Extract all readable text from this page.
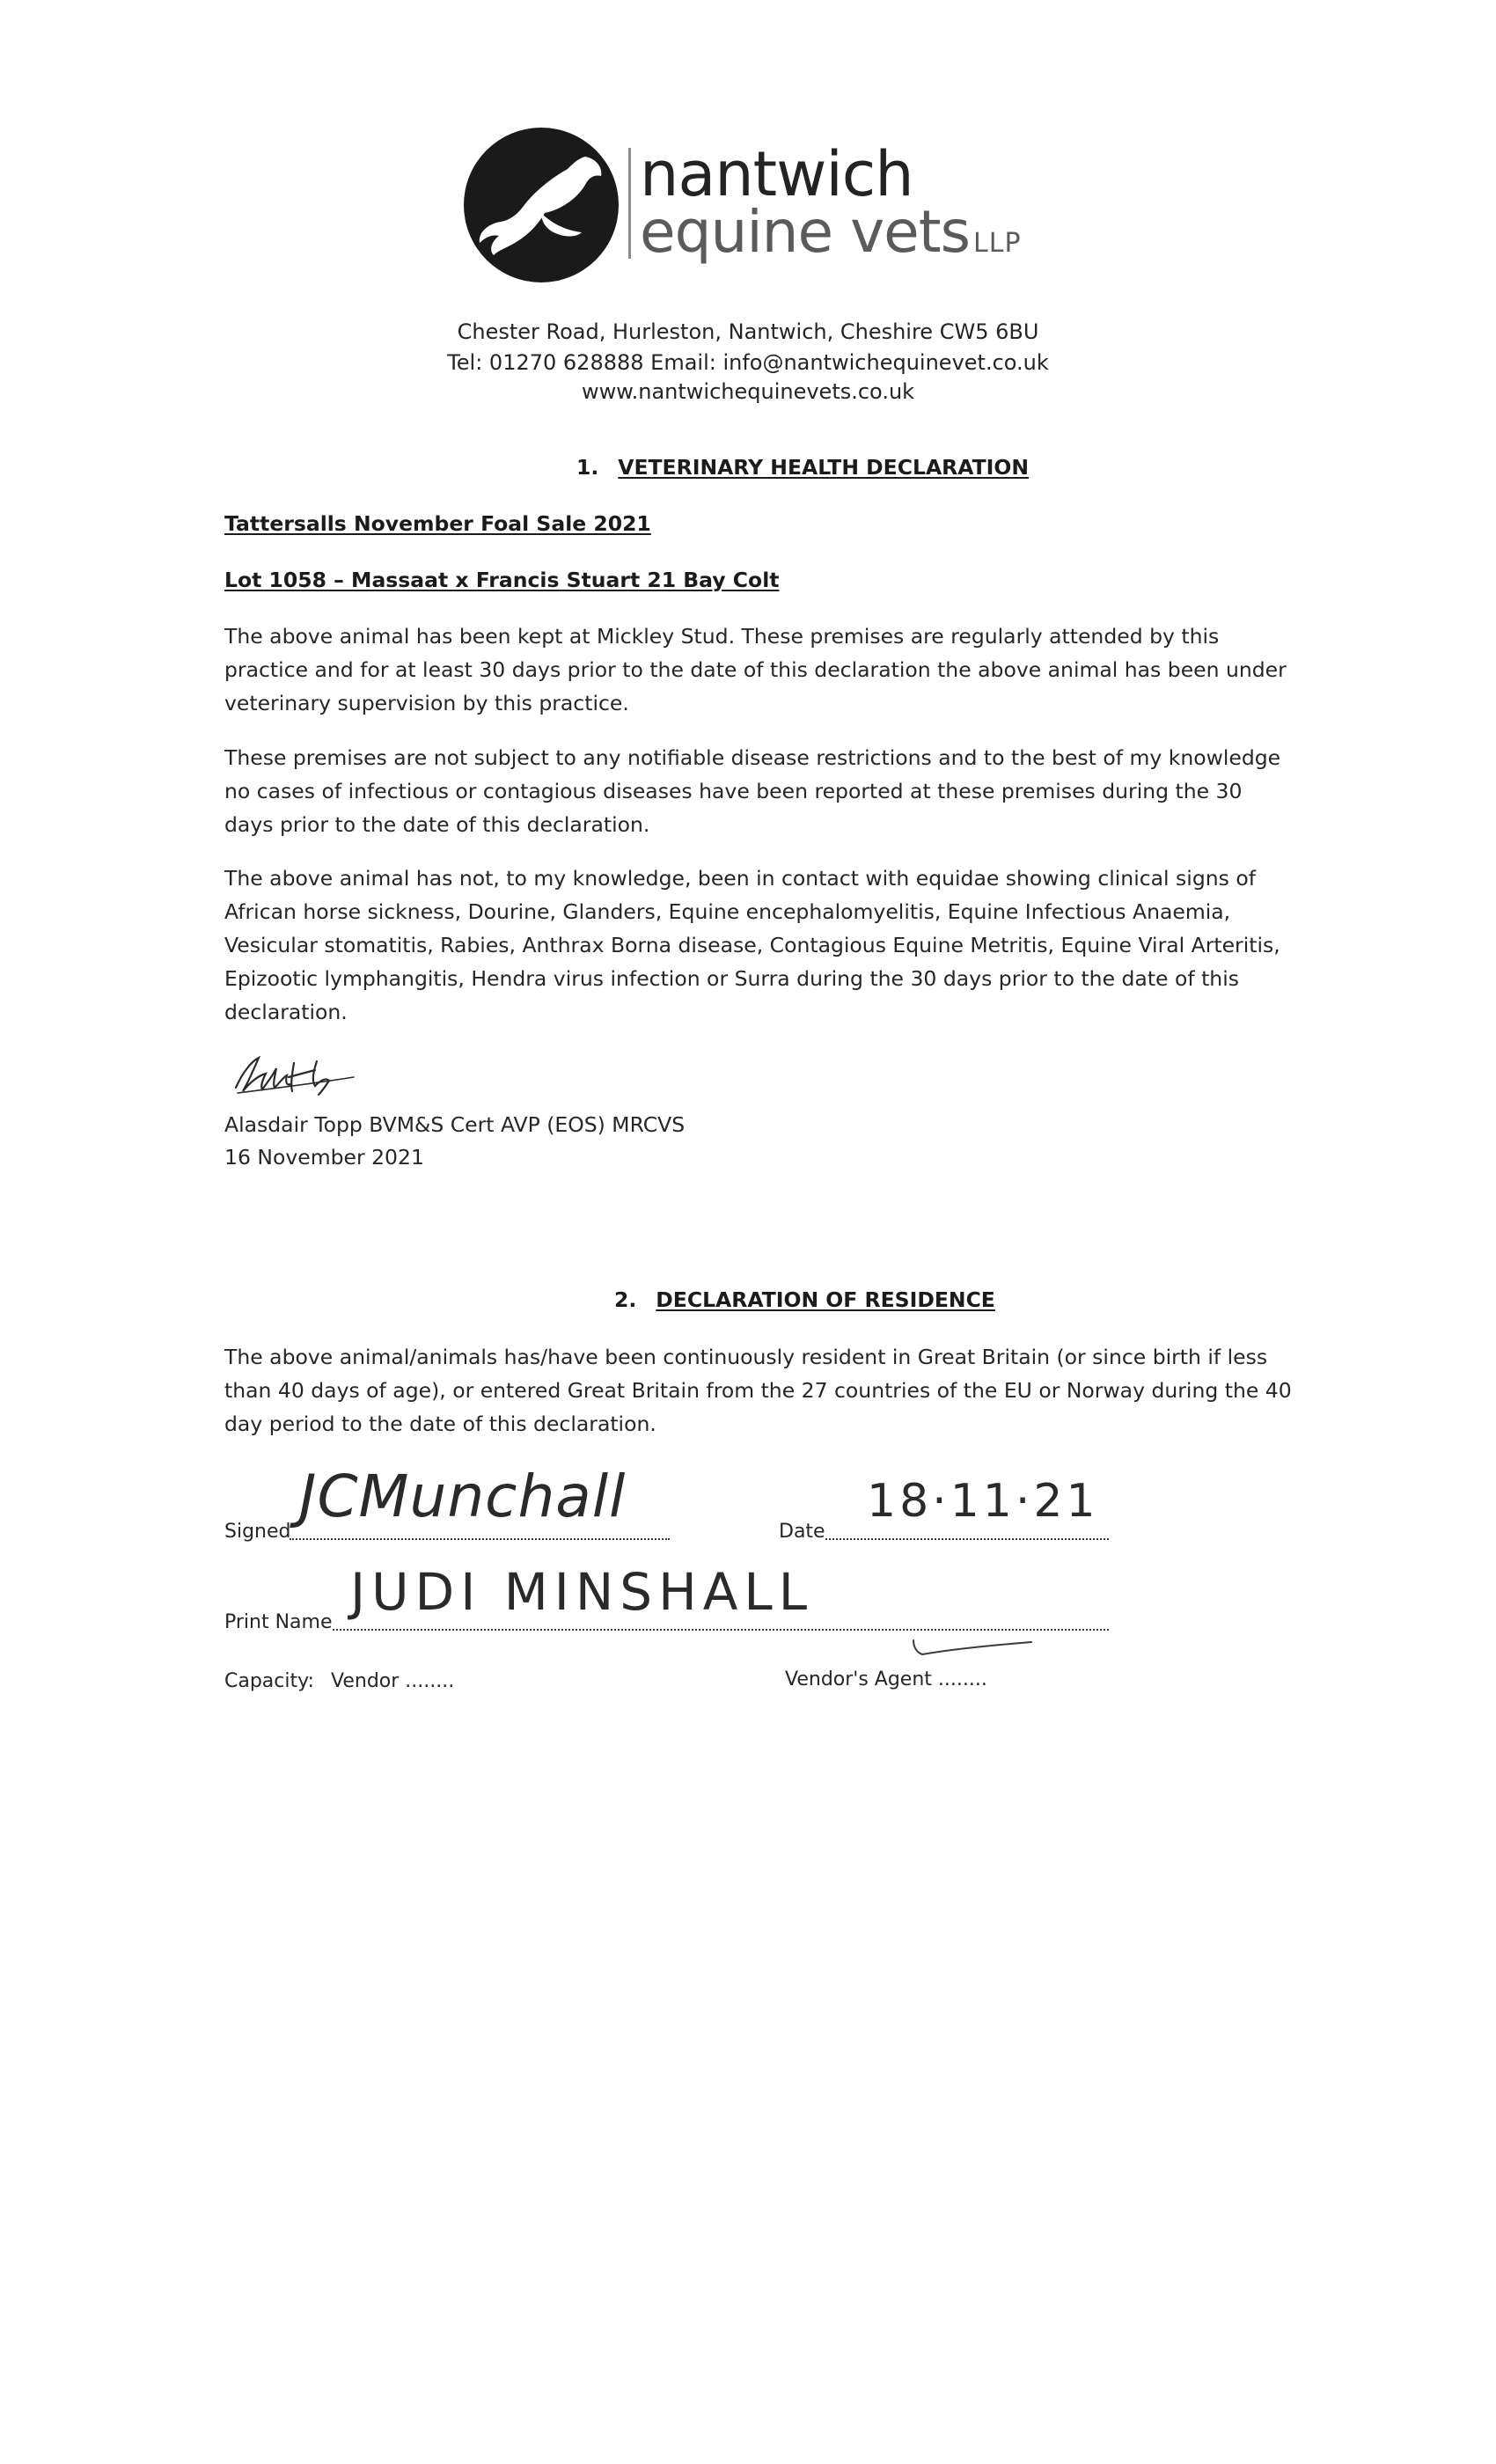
nantwich
equine vets LLP
Chester Road, Hurleston, Nantwich, Cheshire CW5 6BU
Tel: 01270 628888 Email: info@nantwichequinevet.co.uk
www.nantwichequinevets.co.uk
1. VETERINARY HEALTH DECLARATION
Tattersalls November Foal Sale 2021
Lot 1058 – Massaat x Francis Stuart 21 Bay Colt
The above animal has been kept at Mickley Stud. These premises are regularly attended by this practice and for at least 30 days prior to the date of this declaration the above animal has been under veterinary supervision by this practice.
These premises are not subject to any notifiable disease restrictions and to the best of my knowledge no cases of infectious or contagious diseases have been reported at these premises during the 30 days prior to the date of this declaration.
The above animal has not, to my knowledge, been in contact with equidae showing clinical signs of African horse sickness, Dourine, Glanders, Equine encephalomyelitis, Equine Infectious Anaemia, Vesicular stomatitis, Rabies, Anthrax Borna disease, Contagious Equine Metritis, Equine Viral Arteritis, Epizootic lymphangitis, Hendra virus infection or Surra during the 30 days prior to the date of this declaration.
Alasdair Topp BVM&S Cert AVP (EOS) MRCVS
16 November 2021
2. DECLARATION OF RESIDENCE
The above animal/animals has/have been continuously resident in Great Britain (or since birth if less than 40 days of age), or entered Great Britain from the 27 countries of the EU or Norway during the 40 day period to the date of this declaration.
Signed
JCMunchall
Date
18·11·21
Print Name
JUDI MINSHALL
Capacity: Vendor ........	Vendor's Agent ........
